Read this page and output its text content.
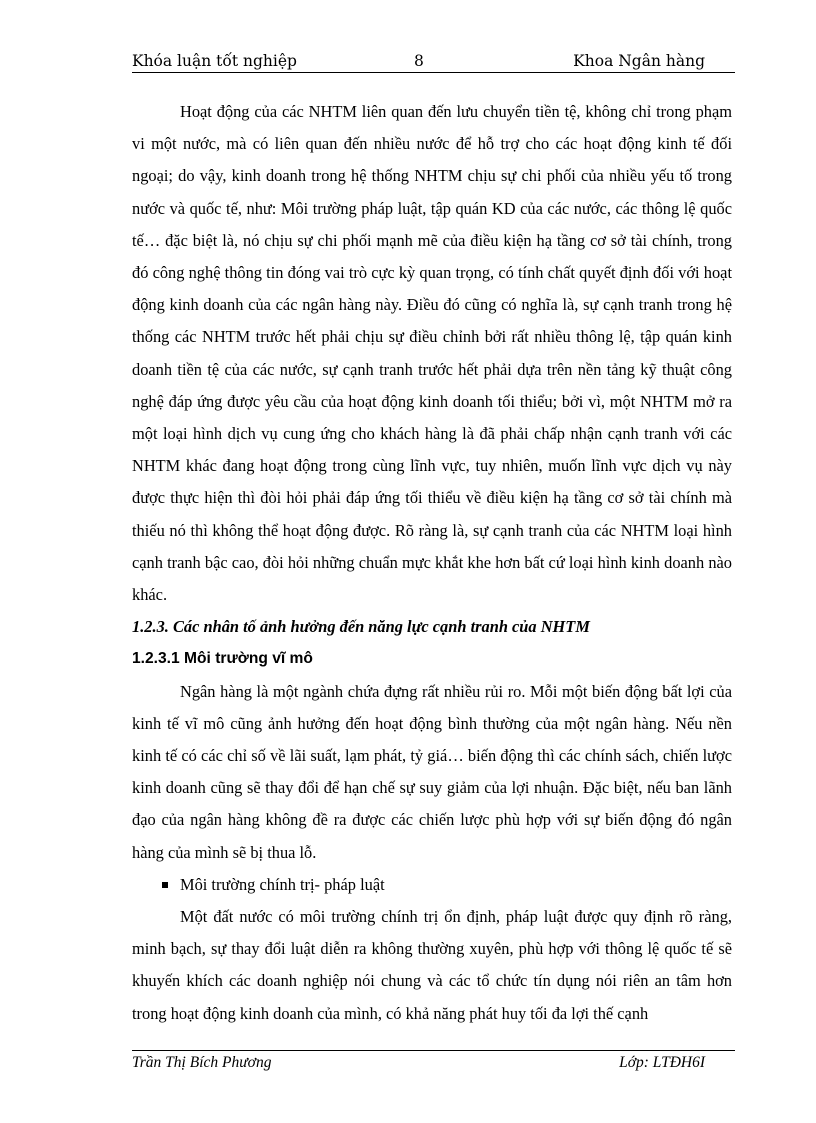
Khóa luận tốt nghiệp	8	Khoa Ngân hàng

Hoạt động của các NHTM liên quan đến lưu chuyển tiền tệ, không chỉ trong phạm vi một nước, mà có liên quan đến nhiều nước để hỗ trợ cho các hoạt động kinh tế đối ngoại; do vậy, kinh doanh trong hệ thống NHTM chịu sự chi phối của nhiều yếu tố trong nước và quốc tế, như: Môi trường pháp luật, tập quán KD của các nước, các thông lệ quốc tế… đặc biệt là, nó chịu sự chi phối mạnh mẽ của điều kiện hạ tầng cơ sở tài chính, trong đó công nghệ thông tin đóng vai trò cực kỳ quan trọng, có tính chất quyết định đối với hoạt động kinh doanh của các ngân hàng này. Điều đó cũng có nghĩa là, sự cạnh tranh trong hệ thống các NHTM trước hết phải chịu sự điều chỉnh bởi rất nhiều thông lệ, tập quán kinh doanh tiền tệ của các nước, sự cạnh tranh trước hết phải dựa trên nền tảng kỹ thuật công nghệ đáp ứng được yêu cầu của hoạt động kinh doanh tối thiểu; bởi vì, một NHTM mở ra một loại hình dịch vụ cung ứng cho khách hàng là đã phải chấp nhận cạnh tranh với các NHTM khác đang hoạt động trong cùng lĩnh vực, tuy nhiên, muốn lĩnh vực dịch vụ này được thực hiện thì đòi hỏi phải đáp ứng tối thiểu về điều kiện hạ tầng cơ sở tài chính mà thiếu nó thì không thể hoạt động được. Rõ ràng là, sự cạnh tranh của các NHTM loại hình cạnh tranh bậc cao, đòi hỏi những chuẩn mực khắt khe hơn bất cứ loại hình kinh doanh nào khác.

1.2.3. Các nhân tố ảnh hưởng đến năng lực cạnh tranh của NHTM

1.2.3.1 Môi trường vĩ mô

Ngân hàng là một ngành chứa đựng rất nhiều rủi ro. Mỗi một biến động bất lợi của kinh tế vĩ mô cũng ảnh hưởng đến hoạt động bình thường của một ngân hàng. Nếu nền kinh tế có các chỉ số về lãi suất, lạm phát, tỷ giá… biến động thì các chính sách, chiến lược kinh doanh cũng sẽ thay đổi để hạn chế sự suy giảm của lợi nhuận. Đặc biệt, nếu ban lãnh đạo của ngân hàng không đề ra được các chiến lược phù hợp với sự biến động đó ngân hàng của mình sẽ bị thua lỗ.

Môi trường chính trị- pháp luật

Một đất nước có môi trường chính trị ổn định, pháp luật được quy định rõ ràng, minh bạch, sự thay đổi luật diễn ra không thường xuyên, phù hợp với thông lệ quốc tế sẽ khuyến khích các doanh nghiệp nói chung và các tổ chức tín dụng nói riên an tâm hơn trong hoạt động kinh doanh của mình, có khả năng phát huy tối đa lợi thế cạnh

Trần Thị Bích Phương	Lớp: LTĐH6I
